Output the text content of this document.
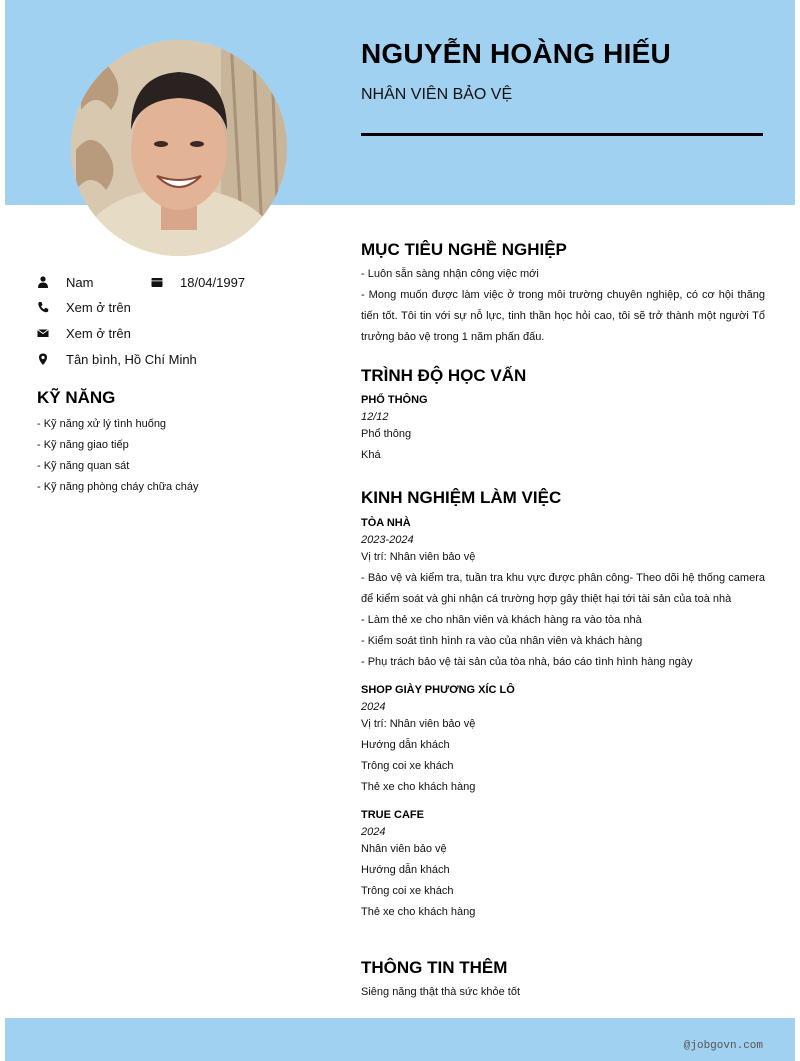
NGUYỄN HOÀNG HIẾU
NHÂN VIÊN BẢO VỆ
Nam	18/04/1997
Xem ở trên
Xem ở trên
Tân bình, Hồ Chí Minh
KỸ NĂNG
- Kỹ năng xử lý tình huống
- Kỹ năng giao tiếp
- Kỹ năng quan sát
- Kỹ năng phòng cháy chữa cháy
MỤC TIÊU NGHỀ NGHIỆP
- Luôn sẵn sàng nhận công việc mới
- Mong muốn được làm việc ở trong môi trường chuyên nghiệp, có cơ hội thăng tiến tốt. Tôi tin với sự nỗ lực, tinh thần học hỏi cao, tôi sẽ trở thành một người Tổ trưởng bảo vệ trong 1 năm phấn đấu.
TRÌNH ĐỘ HỌC VẤN
PHỔ THÔNG
12/12
Phổ thông
Khá
KINH NGHIỆM LÀM VIỆC
TÒA NHÀ
2023-2024
Vị trí: Nhân viên bảo vệ
- Bảo vệ và kiểm tra, tuần tra khu vực được phân công- Theo dõi hệ thống camera để kiểm soát và ghi nhận cá trường hợp gây thiệt hại tới tài sản của toà nhà
- Làm thẻ xe cho nhân viên và khách hàng ra vào tòa nhà
- Kiểm soát tình hình ra vào của nhân viên và khách hàng
- Phụ trách bảo vệ tài sản của tòa nhà, báo cáo tình hình hàng ngày
SHOP GIÀY PHƯƠNG XÍC LÔ
2024
Vị trí: Nhân viên bảo vệ
Hướng dẫn khách
Trông coi xe khách
Thẻ xe cho khách hàng
TRUE CAFE
2024
Nhân viên bảo vệ
Hướng dẫn khách
Trông coi xe khách
Thẻ xe cho khách hàng
THÔNG TIN THÊM
Siêng năng thật thà sức khỏe tốt
@jobgovn.com
